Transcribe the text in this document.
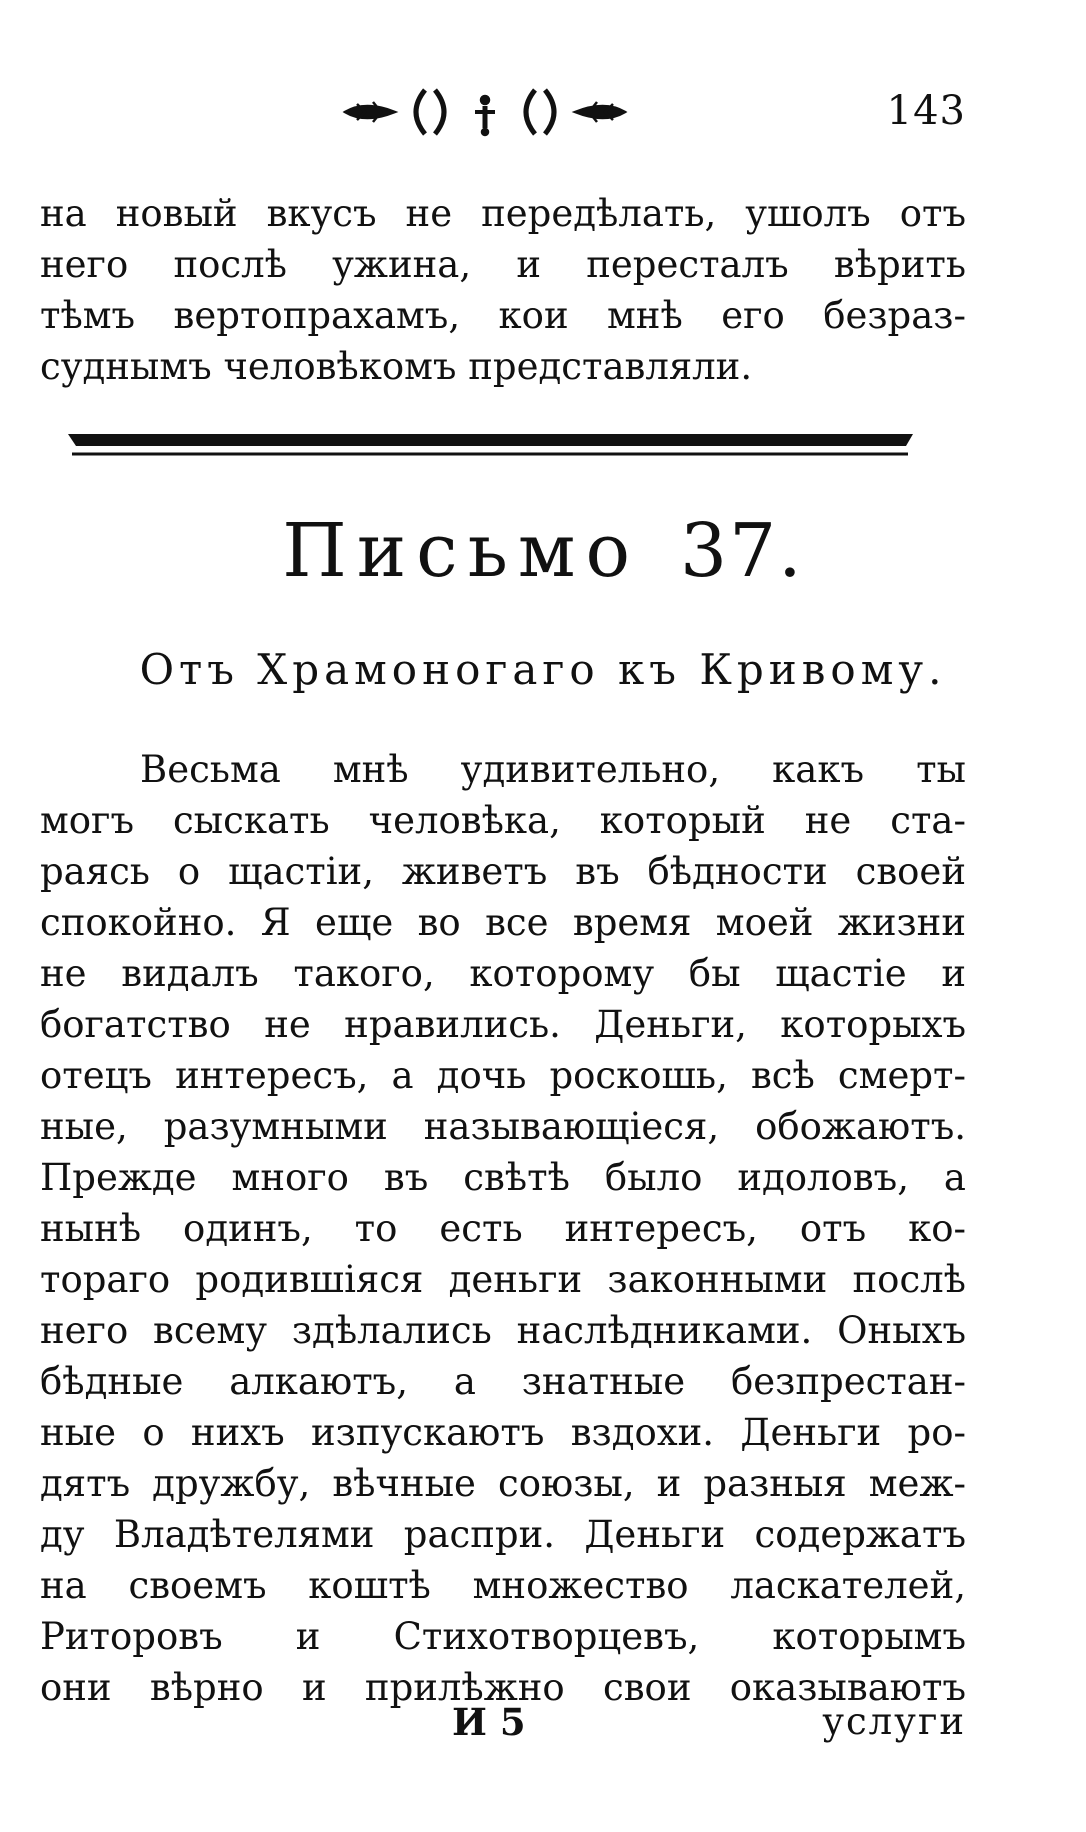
143
на новый вкусъ не передѣлать, ушолъ отъ
него послѣ ужина, и пересталъ вѣрить
тѣмъ вертопрахамъ, кои мнѣ его безраз-
суднымъ человѣкомъ представляли.
Письмо 37.
Отъ Храмоногаго къ Кривому.
Весьма мнѣ удивительно, какъ ты
могъ сыскать человѣка, который не ста-
раясь о щастіи, живетъ въ бѣдности своей
спокойно. Я еще во все время моей жизни
не видалъ такого, которому бы щастіе и
богатство не нравились. Деньги, которыхъ
отецъ интересъ, а дочь роскошь, всѣ смерт-
ные, разумными называющіеся, обожаютъ.
Прежде много въ свѣтѣ было идоловъ, а
нынѣ одинъ, то есть интересъ, отъ ко-
тораго родившіяся деньги законными послѣ
него всему здѣлались наслѣдниками. Оныхъ
бѣдные алкаютъ, а знатные безпрестан-
ные о нихъ изпускаютъ вздохи. Деньги ро-
дятъ дружбу, вѣчные союзы, и разныя меж-
ду Владѣтелями распри. Деньги содержатъ
на своемъ коштѣ множество ласкателей,
Риторовъ и Стихотворцевъ, которымъ
они вѣрно и прилѣжно свои оказываютъ
И 5	услуги
